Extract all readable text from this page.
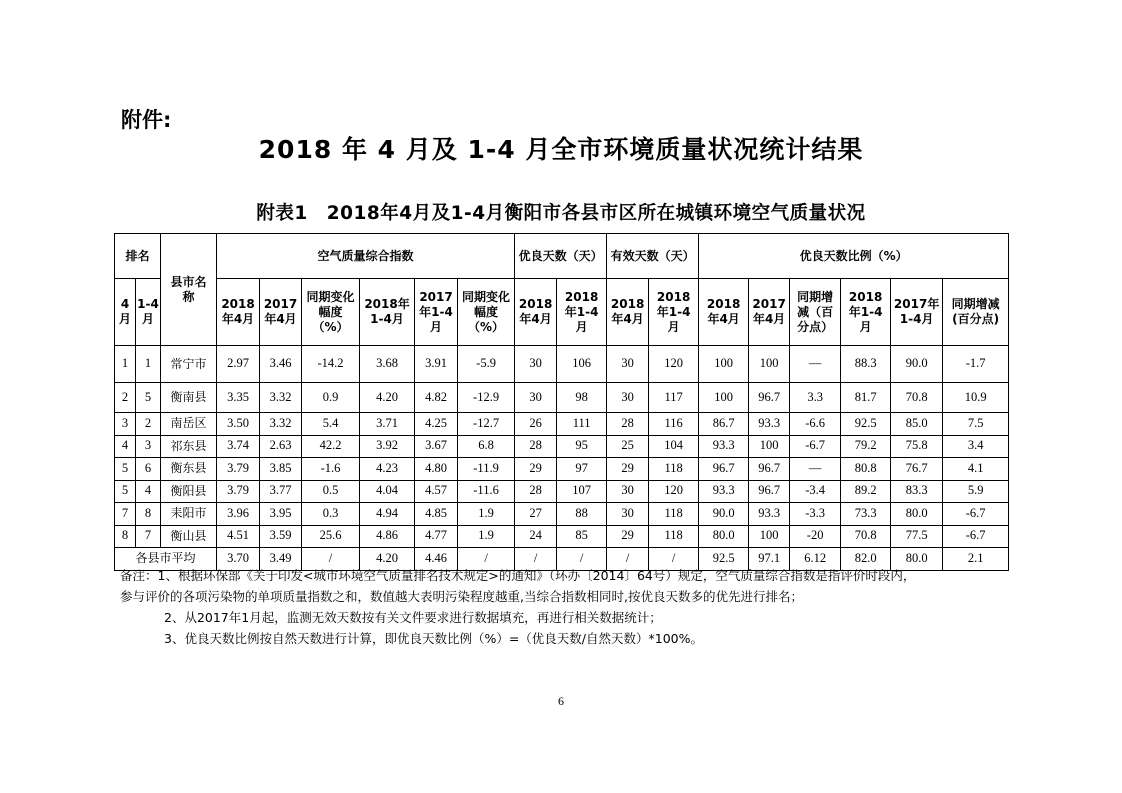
附件:
2018 年 4 月及 1-4 月全市环境质量状况统计结果
附表1　2018年4月及1-4月衡阳市各县市区所在城镇环境空气质量状况
排名		县市名称	空气质量综合指数						优良天数（天）		有效天数（天）		优良天数比例（%）					
4月	1-4月		2018年4月	2017年4月	同期变化幅度（%）	2018年1-4月	2017年1-4月	同期变化幅度（%）	2018年4月	2018年1-4月	2018年4月	2018年1-4月	2018年4月	2017年4月	同期增减（百分点）	2018年1-4月	2017年1-4月	同期增减(百分点)
1	1	常宁市	2.97	3.46	-14.2	3.68	3.91	-5.9	30	106	30	120	100	100	—	88.3	90.0	-1.7
2	5	衡南县	3.35	3.32	0.9	4.20	4.82	-12.9	30	98	30	117	100	96.7	3.3	81.7	70.8	10.9
3	2	南岳区	3.50	3.32	5.4	3.71	4.25	-12.7	26	111	28	116	86.7	93.3	-6.6	92.5	85.0	7.5
4	3	祁东县	3.74	2.63	42.2	3.92	3.67	6.8	28	95	25	104	93.3	100	-6.7	79.2	75.8	3.4
5	6	衡东县	3.79	3.85	-1.6	4.23	4.80	-11.9	29	97	29	118	96.7	96.7	—	80.8	76.7	4.1
5	4	衡阳县	3.79	3.77	0.5	4.04	4.57	-11.6	28	107	30	120	93.3	96.7	-3.4	89.2	83.3	5.9
7	8	耒阳市	3.96	3.95	0.3	4.94	4.85	1.9	27	88	30	118	90.0	93.3	-3.3	73.3	80.0	-6.7
8	7	衡山县	4.51	3.59	25.6	4.86	4.77	1.9	24	85	29	118	80.0	100	-20	70.8	77.5	-6.7
各县市平均			3.70	3.49	/	4.20	4.46	/	/	/	/	/	92.5	97.1	6.12	82.0	80.0	2.1
备注：1、根据环保部《关于印发<城市环境空气质量排名技术规定>的通知》（环办〔2014〕64号）规定，空气质量综合指数是指评价时段内，
参与评价的各项污染物的单项质量指数之和，数值越大表明污染程度越重,当综合指数相同时,按优良天数多的优先进行排名；
2、从2017年1月起，监测无效天数按有关文件要求进行数据填充，再进行相关数据统计；
3、优良天数比例按自然天数进行计算，即优良天数比例（%）=（优良天数/自然天数）*100%。
6
